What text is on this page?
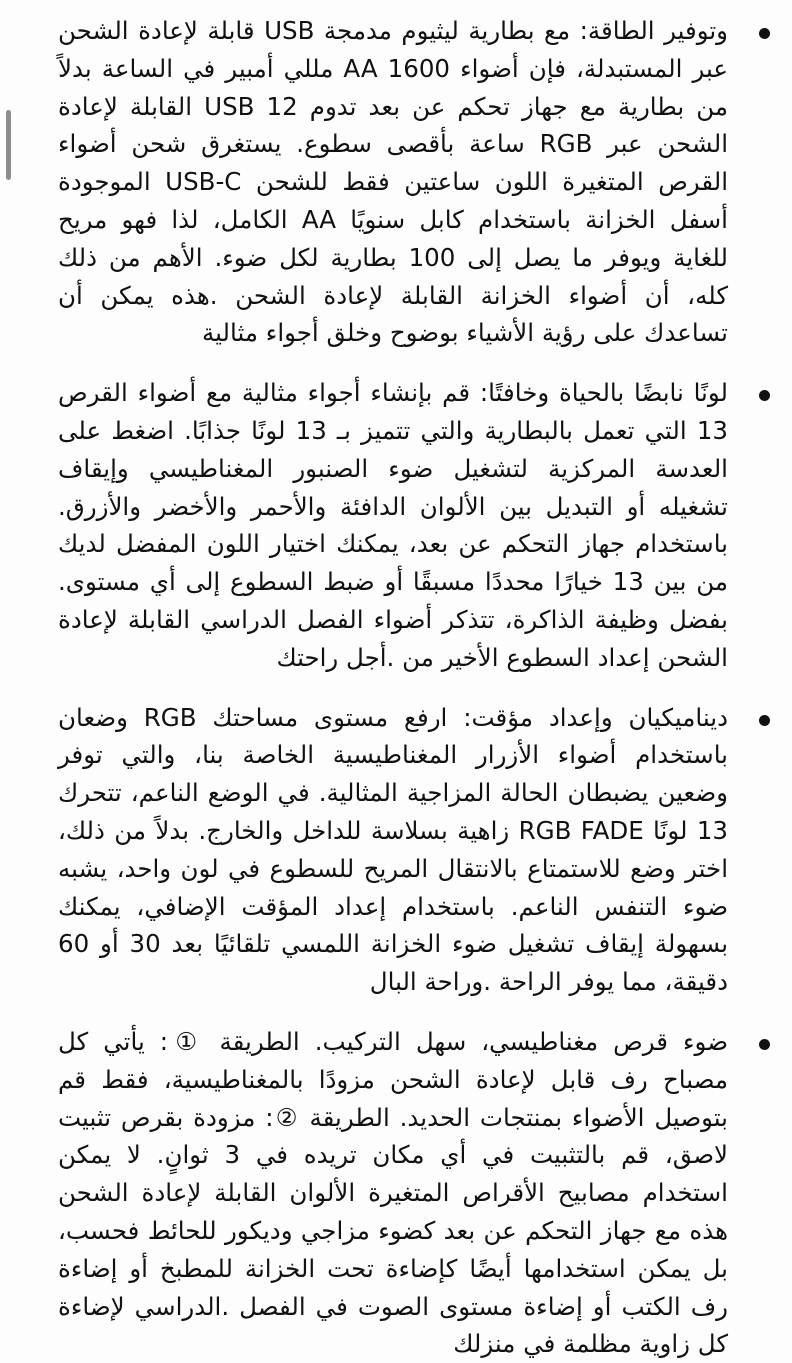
وتوفير الطاقة: مع بطارية ليثيوم مدمجة USB قابلة لإعادة الشحن عبر المستبدلة، فإن أضواء 1600 AA مللي أمبير في الساعة بدلاً من بطارية مع جهاز تحكم عن بعد تدوم 12 USB القابلة لإعادة الشحن عبر RGB ساعة بأقصى سطوع. يستغرق شحن أضواء القرص المتغيرة اللون ساعتين فقط للشحن USB-C الموجودة أسفل الخزانة باستخدام كابل سنويًا AA الكامل، لذا فهو مريح للغاية ويوفر ما يصل إلى 100 بطارية لكل ضوء. الأهم من ذلك كله، أن أضواء الخزانة القابلة لإعادة الشحن .هذه يمكن أن تساعدك على رؤية الأشياء بوضوح وخلق أجواء مثالية

لونًا نابضًا بالحياة وخافتًا: قم بإنشاء أجواء مثالية مع أضواء القرص 13 التي تعمل بالبطارية والتي تتميز بـ 13 لونًا جذابًا. اضغط على العدسة المركزية لتشغيل ضوء الصنبور المغناطيسي وإيقاف تشغيله أو التبديل بين الألوان الدافئة والأحمر والأخضر والأزرق. باستخدام جهاز التحكم عن بعد، يمكنك اختيار اللون المفضل لديك من بين 13 خيارًا محددًا مسبقًا أو ضبط السطوع إلى أي مستوى. بفضل وظيفة الذاكرة، تتذكر أضواء الفصل الدراسي القابلة لإعادة الشحن إعداد السطوع الأخير من .أجل راحتك

ديناميكيان وإعداد مؤقت: ارفع مستوى مساحتك RGB وضعان باستخدام أضواء الأزرار المغناطيسية الخاصة بنا، والتي توفر وضعين يضبطان الحالة المزاجية المثالية. في الوضع الناعم، تتحرك 13 لونًا RGB FADE زاهية بسلاسة للداخل والخارج. بدلاً من ذلك، اختر وضع للاستمتاع بالانتقال المريح للسطوع في لون واحد، يشبه ضوء التنفس الناعم. باستخدام إعداد المؤقت الإضافي، يمكنك بسهولة إيقاف تشغيل ضوء الخزانة اللمسي تلقائيًا بعد 30 أو 60 دقيقة، مما يوفر الراحة .وراحة البال

ضوء قرص مغناطيسي، سهل التركيب. الطريقة ①: يأتي كل مصباح رف قابل لإعادة الشحن مزودًا بالمغناطيسية، فقط قم بتوصيل الأضواء بمنتجات الحديد. الطريقة ②: مزودة بقرص تثبيت لاصق، قم بالتثبيت في أي مكان تريده في 3 ثوانٍ. لا يمكن استخدام مصابيح الأقراص المتغيرة الألوان القابلة لإعادة الشحن هذه مع جهاز التحكم عن بعد كضوء مزاجي وديكور للحائط فحسب، بل يمكن استخدامها أيضًا كإضاءة تحت الخزانة للمطبخ أو إضاءة رف الكتب أو إضاءة مستوى الصوت في الفصل .الدراسي لإضاءة كل زاوية مظلمة في منزلك
